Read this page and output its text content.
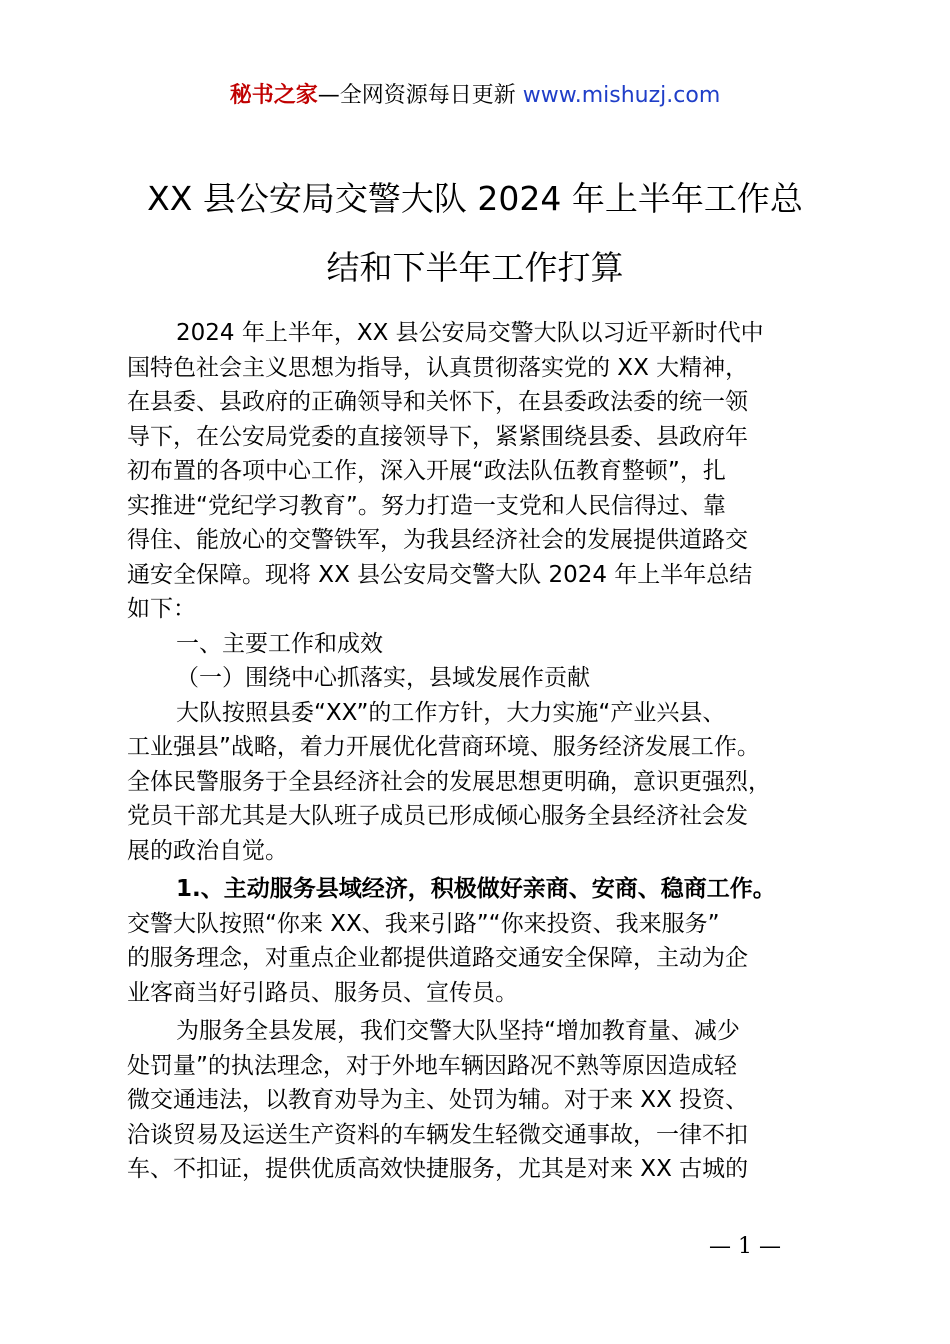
秘书之家—全网资源每日更新 www.mishuzj.com
XX 县公安局交警大队 2024 年上半年工作总
结和下半年工作打算
2024 年上半年，XX 县公安局交警大队以习近平新时代中
国特色社会主义思想为指导，认真贯彻落实党的 XX 大精神，
在县委、县政府的正确领导和关怀下，在县委政法委的统一领
导下，在公安局党委的直接领导下，紧紧围绕县委、县政府年
初布置的各项中心工作，深入开展“政法队伍教育整顿”，扎
实推进“党纪学习教育”。努力打造一支党和人民信得过、靠
得住、能放心的交警铁军，为我县经济社会的发展提供道路交
通安全保障。现将 XX 县公安局交警大队 2024 年上半年总结
如下：
一、主要工作和成效
（一）围绕中心抓落实，县域发展作贡献
大队按照县委“XX”的工作方针，大力实施“产业兴县、
工业强县”战略，着力开展优化营商环境、服务经济发展工作。
全体民警服务于全县经济社会的发展思想更明确，意识更强烈，
党员干部尤其是大队班子成员已形成倾心服务全县经济社会发
展的政治自觉。
1.、主动服务县域经济，积极做好亲商、安商、稳商工作。
交警大队按照“你来 XX、我来引路”“你来投资、我来服务”
的服务理念，对重点企业都提供道路交通安全保障，主动为企
业客商当好引路员、服务员、宣传员。
为服务全县发展，我们交警大队坚持“增加教育量、减少
处罚量”的执法理念，对于外地车辆因路况不熟等原因造成轻
微交通违法，以教育劝导为主、处罚为辅。对于来 XX 投资、
洽谈贸易及运送生产资料的车辆发生轻微交通事故，一律不扣
车、不扣证，提供优质高效快捷服务，尤其是对来 XX 古城的
— 1 —
